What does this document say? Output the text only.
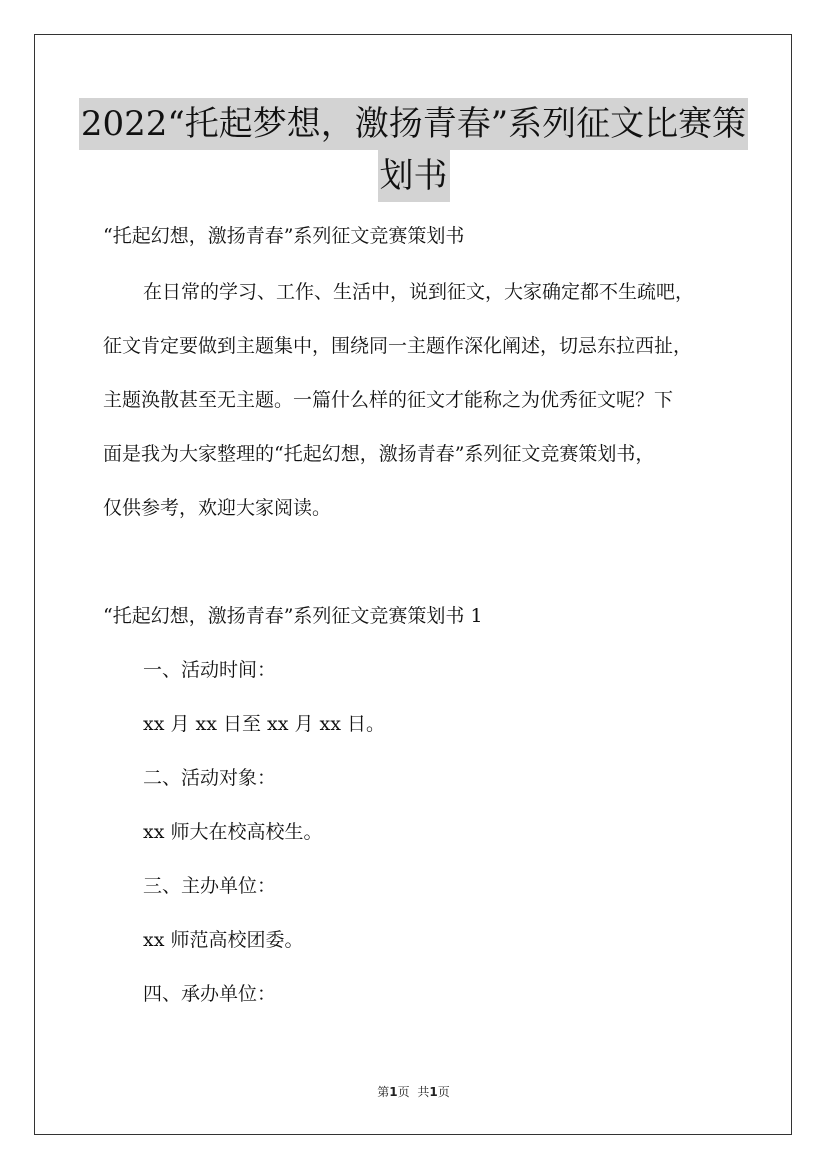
2022“托起梦想，激扬青春”系列征文比赛策
划书
“托起幻想，激扬青春”系列征文竞赛策划书
在日常的学习、工作、生活中，说到征文，大家确定都不生疏吧，
征文肯定要做到主题集中，围绕同一主题作深化阐述，切忌东拉西扯，
主题涣散甚至无主题。一篇什么样的征文才能称之为优秀征文呢？下
面是我为大家整理的“托起幻想，激扬青春”系列征文竞赛策划书，
仅供参考，欢迎大家阅读。
“托起幻想，激扬青春”系列征文竞赛策划书 1
一、活动时间：
xx 月 xx 日至 xx 月 xx 日。
二、活动对象：
xx 师大在校高校生。
三、主办单位：
xx 师范高校团委。
四、承办单位：
第1页 共1页
